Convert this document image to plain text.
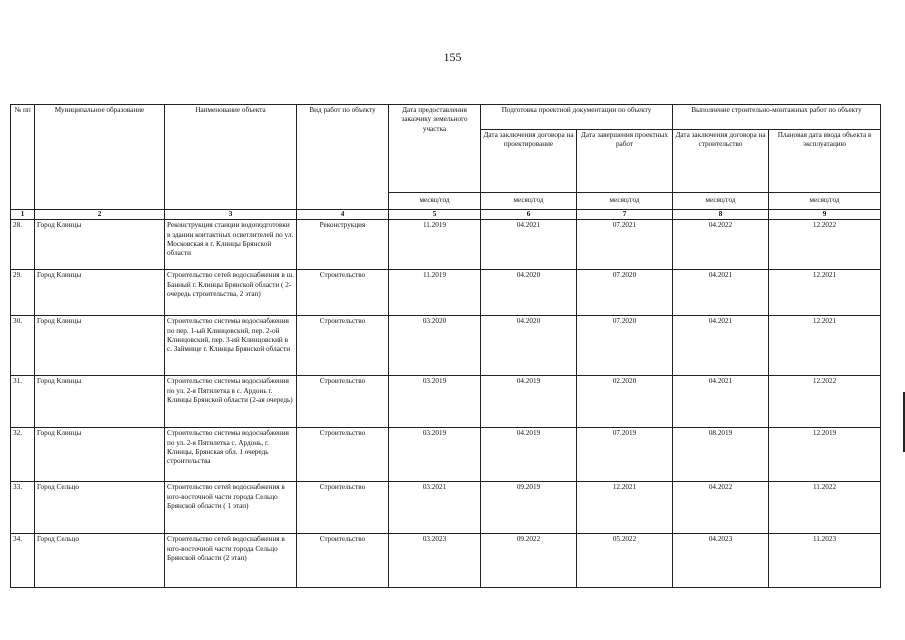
155
№ пп	Муниципальное образование	Наименование объекта	Вид работ по объекту	Дата предоставления заказчику земельного участка	Подготовка проектной документации по объекту		Выполнение строительно-монтажных работ по объекту	
					Дата заключения договора на проектирование	Дата завершения проектных работ	Дата заключения договора на строительство	Плановая дата ввода объекта в эксплуатацию
				месяц/год	месяц/год	месяц/год	месяц/год	месяц/год
1	2	3	4	5	6	7	8	9
28.	Город Клинцы	Реконструкция станции водоподготовки в здании контактных осветлителей по ул. Московская в г. Клинцы Брянской области	Реконструкция	11.2019	04.2021	07.2021	04.2022	12.2022
29.	Город Клинцы	Строительство сетей водоснабжения в ш. Банный г. Клинцы Брянской области ( 2-очередь строительства, 2 этап)	Строительство	11.2019	04.2020	07.2020	04.2021	12.2021
30.	Город Клинцы	Строительство системы водоснабжения по пер. 1-ый Клинцовский, пер. 2-ой Клинцовский, пер. 3-ий Клинцовский в с. Займище г. Клинцы Брянской области	Строительство	03.2020	04.2020	07.2020	04.2021	12.2021
31.	Город Клинцы	Строительство системы водоснабжения по ул. 2-я Пятилетка в с. Ардонь г. Клинцы Брянской области (2-ая очередь)	Строительство	03.2019	04.2019	02.2020	04.2021	12.2022
32.	Город Клинцы	Строительство системы водоснабжения по ул. 2-я Пятилетка с. Ардонь, г. Клинцы, Брянская обл. 1 очередь строительства	Строительство	03.2019	04.2019	07.2019	08.2019	12.2019
33.	Город Сельцо	Строительство сетей водоснабжения в юго-восточной части города Сельцо Брянской области ( 1 этап)	Строительство	03.2021	09.2019	12.2021	04.2022	11.2022
34.	Город Сельцо	Строительство сетей водоснабжения в юго-восточной части города Сельцо Брянской области (2 этап)	Строительство	03.2023	09.2022	05.2022	04.2023	11.2023
